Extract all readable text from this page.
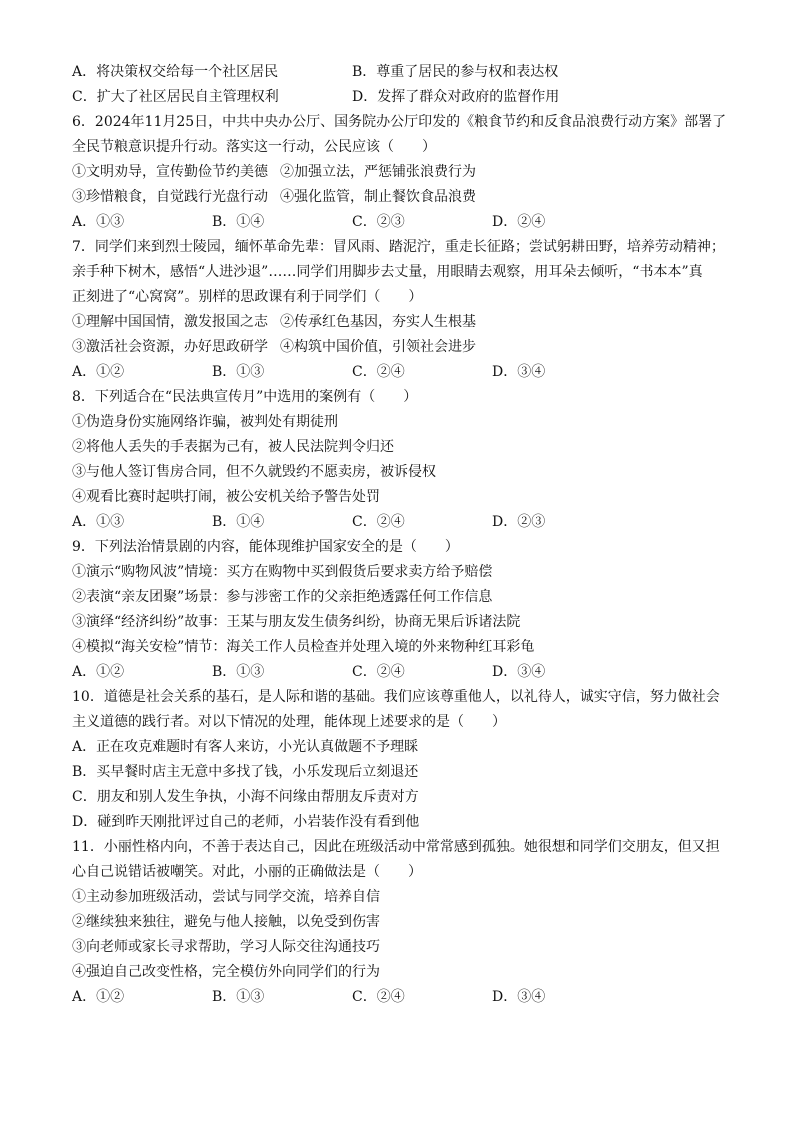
A．将决策权交给每一个社区居民	B．尊重了居民的参与权和表达权
C．扩大了社区居民自主管理权利	D．发挥了群众对政府的监督作用
6．2024年11月25日，中共中央办公厅、国务院办公厅印发的《粮食节约和反食品浪费行动方案》部署了
全民节粮意识提升行动。落实这一行动，公民应该（　　）
①文明劝导，宣传勤俭节约美德 ②加强立法，严惩铺张浪费行为
③珍惜粮食，自觉践行光盘行动 ④强化监管，制止餐饮食品浪费
A．①③	B．①④	C．②③	D．②④
7．同学们来到烈士陵园，缅怀革命先辈：冒风雨、踏泥泞，重走长征路；尝试躬耕田野，培养劳动精神；
亲手种下树木，感悟“人进沙退”……同学们用脚步去丈量，用眼睛去观察，用耳朵去倾听，“书本本”真
正刻进了“心窝窝”。别样的思政课有利于同学们（　　）
①理解中国国情，激发报国之志 ②传承红色基因，夯实人生根基
③激活社会资源，办好思政研学 ④构筑中国价值，引领社会进步
A．①②	B．①③	C．②④	D．③④
8．下列适合在“民法典宣传月”中选用的案例有（　　）
①伪造身份实施网络诈骗，被判处有期徒刑
②将他人丢失的手表据为己有，被人民法院判令归还
③与他人签订售房合同，但不久就毁约不愿卖房，被诉侵权
④观看比赛时起哄打闹，被公安机关给予警告处罚
A．①③	B．①④	C．②④	D．②③
9．下列法治情景剧的内容，能体现维护国家安全的是（　　）
①演示“购物风波”情境：买方在购物中买到假货后要求卖方给予赔偿
②表演“亲友团聚”场景：参与涉密工作的父亲拒绝透露任何工作信息
③演绎“经济纠纷”故事：王某与朋友发生债务纠纷，协商无果后诉诸法院
④模拟“海关安检”情节：海关工作人员检查并处理入境的外来物种红耳彩龟
A．①②	B．①③	C．②④	D．③④
10．道德是社会关系的基石，是人际和谐的基础。我们应该尊重他人，以礼待人，诚实守信，努力做社会
主义道德的践行者。对以下情况的处理，能体现上述要求的是（　　）
A．正在攻克难题时有客人来访，小光认真做题不予理睬
B．买早餐时店主无意中多找了钱，小乐发现后立刻退还
C．朋友和别人发生争执，小海不问缘由帮朋友斥责对方
D．碰到昨天刚批评过自己的老师，小岩装作没有看到他
11．小丽性格内向，不善于表达自己，因此在班级活动中常常感到孤独。她很想和同学们交朋友，但又担
心自己说错话被嘲笑。对此，小丽的正确做法是（　　）
①主动参加班级活动，尝试与同学交流，培养自信
②继续独来独往，避免与他人接触，以免受到伤害
③向老师或家长寻求帮助，学习人际交往沟通技巧
④强迫自己改变性格，完全模仿外向同学们的行为
A．①②	B．①③	C．②④	D．③④
